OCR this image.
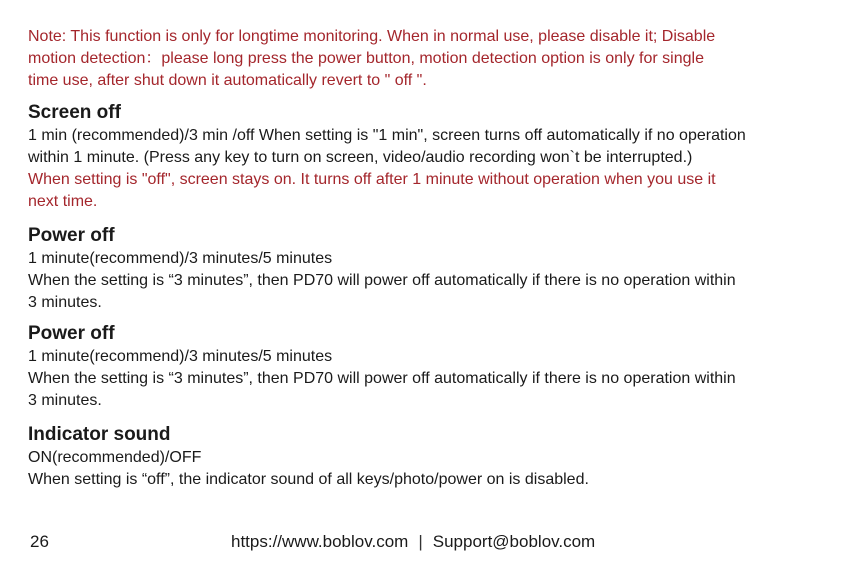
Note: This function is only for longtime monitoring. When in normal use, please disable it; Disable

motion detection：please long press the power button, motion detection option is only for single

time use, after shut down it automatically revert to " off ".

Screen off

1 min (recommended)/3 min /off When setting is "1 min", screen turns off automatically if no operation

within 1 minute. (Press any key to turn on screen, video/audio recording won`t be interrupted.)

When setting is "off", screen stays on. It turns off after 1 minute without operation when you use it

next time.

Power off

1 minute(recommend)/3 minutes/5 minutes

When the setting is “3 minutes”, then PD70 will power off automatically if there is no operation within

3 minutes.

Power off

1 minute(recommend)/3 minutes/5 minutes

When the setting is “3 minutes”, then PD70 will power off automatically if there is no operation within

3 minutes.

Indicator sound

ON(recommended)/OFF

When setting is “off”, the indicator sound of all keys/photo/power on is disabled.

26	https://www.boblov.com | Support@boblov.com
